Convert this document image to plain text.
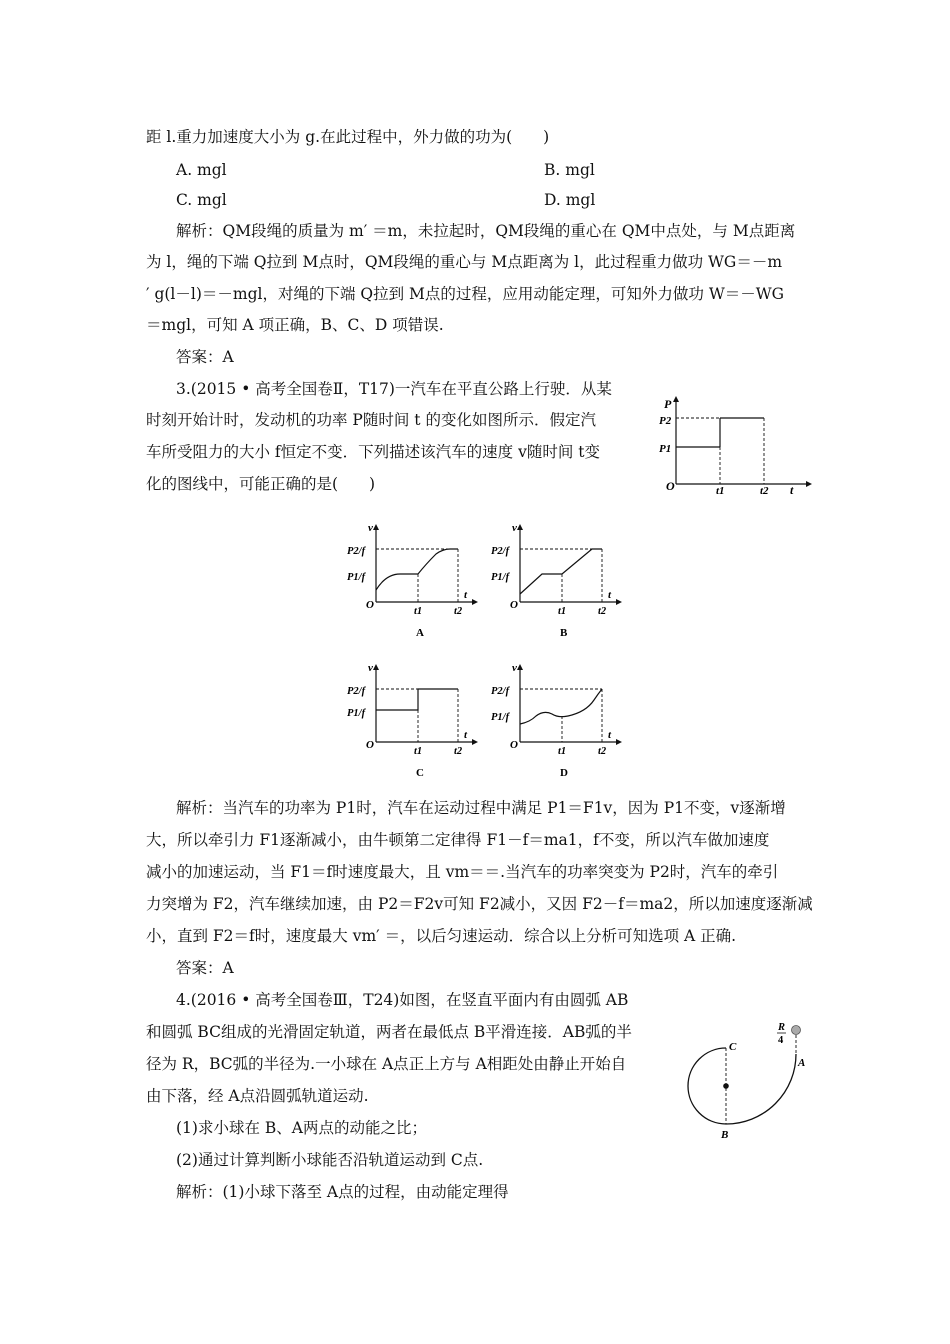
距 l.重力加速度大小为 g.在此过程中，外力做的功为(　　)
A. mgl	B. mgl
C. mgl	D. mgl
解析：QM段绳的质量为 m′ ＝m，未拉起时，QM段绳的重心在 QM中点处，与 M点距离
为 l，绳的下端 Q拉到 M点时，QM段绳的重心与 M点距离为 l，此过程重力做功 WG＝－m
′ g(l－l)＝－mgl，对绳的下端 Q拉到 M点的过程，应用动能定理，可知外力做功 W＝－WG
＝mgl，可知 A 项正确，B、C、D 项错误.
答案：A
3.(2015 • 高考全国卷Ⅱ，T17)一汽车在平直公路上行驶．从某
时刻开始计时，发动机的功率 P随时间 t 的变化如图所示．假定汽
车所受阻力的大小 f恒定不变．下列描述该汽车的速度 v随时间 t变
化的图线中，可能正确的是(　　)
P
t
O
P2
P1
t1	t2
v
t
O
P2/f
P1/f
t1	t2
A
v
t
O
P2/f
P1/f
t1	t2
B
v
t
O
P2/f
P1/f
t1	t2
C
v
t
O
P2/f
P1/f
t1	t2
D
解析：当汽车的功率为 P1时，汽车在运动过程中满足 P1＝F1v，因为 P1不变，v逐渐增
大，所以牵引力 F1逐渐减小，由牛顿第二定律得 F1－f＝ma1，f不变，所以汽车做加速度
减小的加速运动，当 F1＝f时速度最大，且 vm＝＝.当汽车的功率突变为 P2时，汽车的牵引
力突增为 F2，汽车继续加速，由 P2＝F2v可知 F2减小，又因 F2－f＝ma2，所以加速度逐渐减
小，直到 F2＝f时，速度最大 vm′ ＝，以后匀速运动．综合以上分析可知选项 A 正确.
答案：A
4.(2016 • 高考全国卷Ⅲ，T24)如图，在竖直平面内有由圆弧 AB
和圆弧 BC组成的光滑固定轨道，两者在最低点 B平滑连接．AB弧的半
径为 R，BC弧的半径为.一小球在 A点正上方与 A相距处由静止开始自
由下落，经 A点沿圆弧轨道运动.
(1)求小球在 B、A两点的动能之比；
(2)通过计算判断小球能否沿轨道运动到 C点.
解析：(1)小球下落至 A点的过程，由动能定理得
R
4
A
B
C
